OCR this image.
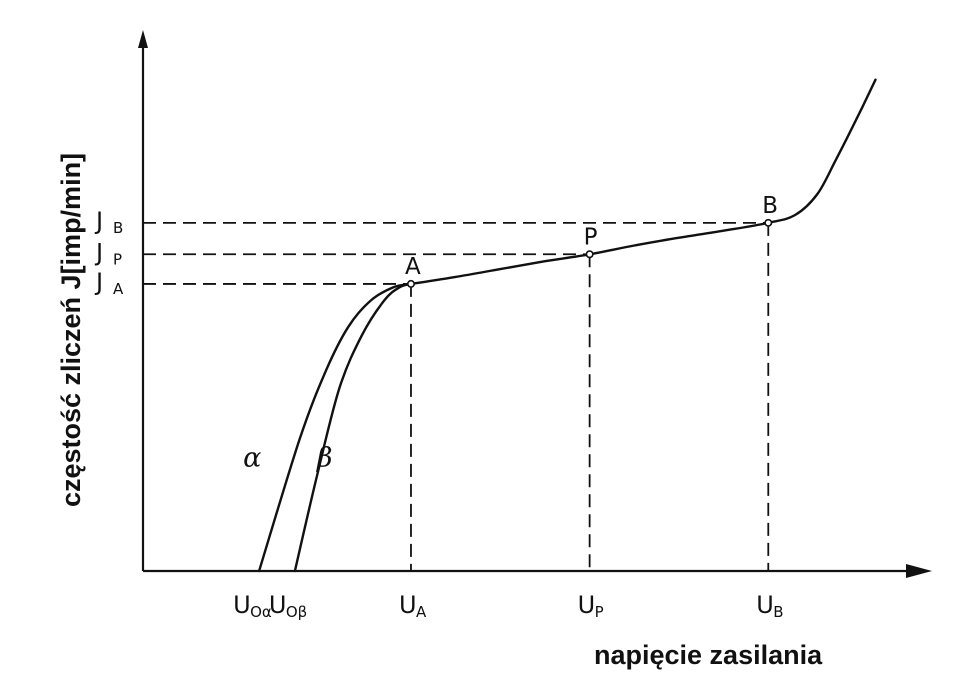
napięcie zasilania
częstość zliczeń J[imp/min]	α β
A
P
B
U Oα
U Oβ	U A	U P	U B
J B
J P
J A
